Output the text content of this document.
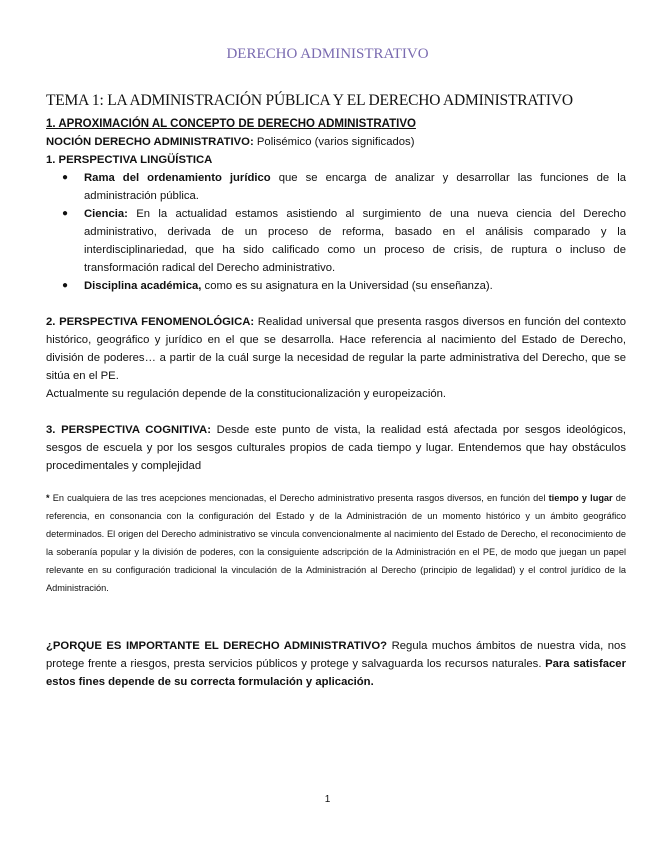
DERECHO ADMINISTRATIVO
TEMA 1: LA ADMINISTRACIÓN PÚBLICA Y EL DERECHO ADMINISTRATIVO
1. APROXIMACIÓN AL CONCEPTO DE DERECHO ADMINISTRATIVO
NOCIÓN DERECHO ADMINISTRATIVO: Polisémico (varios significados)
1. PERSPECTIVA LINGÜÍSTICA
● Rama del ordenamiento jurídico que se encarga de analizar y desarrollar las funciones de la administración pública.
● Ciencia: En la actualidad estamos asistiendo al surgimiento de una nueva ciencia del Derecho administrativo, derivada de un proceso de reforma, basado en el análisis comparado y la interdisciplinariedad, que ha sido calificado como un proceso de crisis, de ruptura o incluso de transformación radical del Derecho administrativo.
● Disciplina académica, como es su asignatura en la Universidad (su enseñanza).

2. PERSPECTIVA FENOMENOLÓGICA: Realidad universal que presenta rasgos diversos en función del contexto histórico, geográfico y jurídico en el que se desarrolla. Hace referencia al nacimiento del Estado de Derecho, división de poderes… a partir de la cuál surge la necesidad de regular la parte administrativa del Derecho, que se sitúa en el PE.

Actualmente su regulación depende de la constitucionalización y europeización.

3. PERSPECTIVA COGNITIVA: Desde este punto de vista, la realidad está afectada por sesgos ideológicos, sesgos de escuela y por los sesgos culturales propios de cada tiempo y lugar. Entendemos que hay obstáculos procedimentales y complejidad

* En cualquiera de las tres acepciones mencionadas, el Derecho administrativo presenta rasgos diversos, en función del tiempo y lugar de referencia, en consonancia con la configuración del Estado y de la Administración de un momento histórico y un ámbito geográfico determinados. El origen del Derecho administrativo se vincula convencionalmente al nacimiento del Estado de Derecho, el reconocimiento de la soberanía popular y la división de poderes, con la consiguiente adscripción de la Administración en el PE, de modo que juegan un papel relevante en su configuración tradicional la vinculación de la Administración al Derecho (principio de legalidad) y el control jurídico de la Administración.

¿PORQUE ES IMPORTANTE EL DERECHO ADMINISTRATIVO? Regula muchos ámbitos de nuestra vida, nos protege frente a riesgos, presta servicios públicos y protege y salvaguarda los recursos naturales. Para satisfacer estos fines depende de su correcta formulación y aplicación.

1
